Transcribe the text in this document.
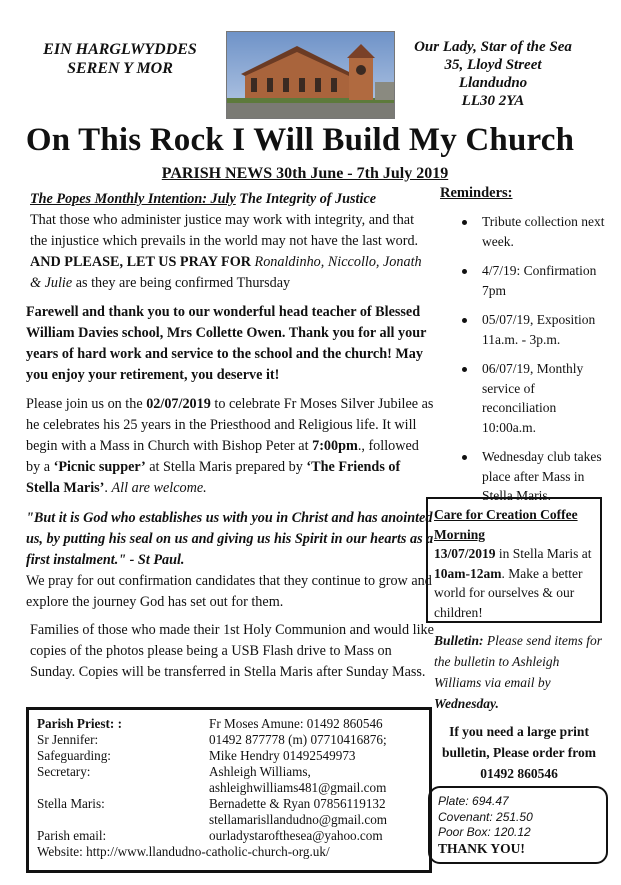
EIN HARGLWYDDES
SEREN Y MOR
Our Lady, Star of the Sea
35, Lloyd Street
Llandudno
LL30 2YA
On This Rock I Will Build My Church
PARISH NEWS 30th June - 7th July 2019
The Popes Monthly Intention: July The Integrity of Justice
That those who administer justice may work with integrity, and that the injustice which prevails in the world may not have the last word. AND PLEASE, LET US PRAY FOR Ronaldinho, Niccollo, Jonath & Julie as they are being confirmed Thursday
Farewell and thank you to our wonderful head teacher of Blessed William Davies school, Mrs Collette Owen. Thank you for all your years of hard work and service to the school and the church! May you enjoy your retirement, you deserve it!
Please join us on the 02/07/2019 to celebrate Fr Moses Silver Jubilee as he celebrates his 25 years in the Priesthood and Religious life. It will begin with a Mass in Church with Bishop Peter at 7:00pm., followed by a ‘Picnic supper’ at Stella Maris prepared by ‘The Friends of Stella Maris’. All are welcome.
"But it is God who establishes us with you in Christ and has anointed us, by putting his seal on us and giving us his Spirit in our hearts as a first instalment." - St Paul.
We pray for out confirmation candidates that they continue to grow and explore the journey God has set out for them.
Families of those who made their 1st Holy Communion and would like copies of the photos please being a USB Flash drive to Mass on Sunday. Copies will be transferred in Stella Maris after Sunday Mass.
Reminders:
Tribute collection next week.
4/7/19: Confirmation 7pm
05/07/19, Exposition 11a.m. - 3p.m.
06/07/19, Monthly service of reconciliation 10:00a.m.
Wednesday club takes place after Mass in Stella Maris.
Care for Creation Coffee Morning
13/07/2019 in Stella Maris at 10am-12am. Make a better world for ourselves & our children!
Bulletin: Please send items for the bulletin to Ashleigh Williams via email by Wednesday.
If you need a large print bulletin, Please order from 01492 860546
Plate: 694.47
Covenant: 251.50
Poor Box: 120.12
THANK YOU!
Parish Priest: :	Fr Moses Amune: 01492 860546
Sr Jennifer:	01492 877778 (m) 07710416876;
Safeguarding:	Mike Hendry 01492549973
Secretary:	Ashleigh Williams, ashleighwilliams481@gmail.com
Stella Maris:	Bernadette & Ryan 07856119132 stellamarisllandudno@gmail.com
Parish email:	ourladystarofthesea@yahoo.com
Website: http://www.llandudno-catholic-church-org.uk/
